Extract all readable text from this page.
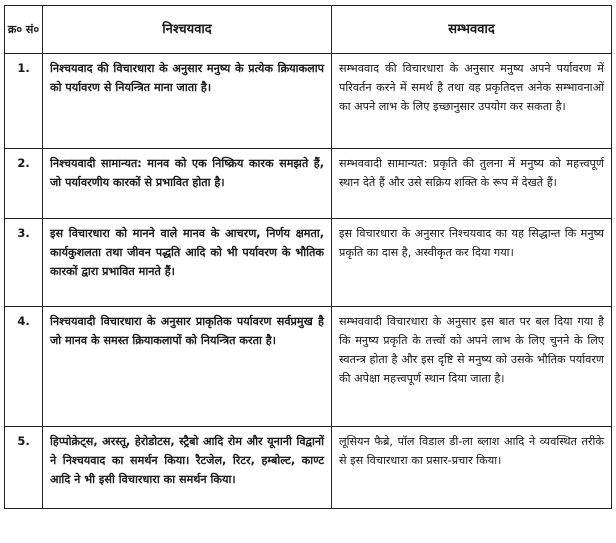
क्र० सं०	निश्चयवाद	सम्भववाद
1.	निश्चयवाद की विचारधारा के अनुसार मनुष्य के प्रत्येक क्रियाकलाप को पर्यावरण से नियन्त्रित माना जाता है।	सम्भववाद की विचारधारा के अनुसार मनुष्य अपने पर्यावरण में परिवर्तन करने में समर्थ है तथा वह प्रकृतिदत्त अनेक सम्भावनाओं का अपने लाभ के लिए इच्छानुसार उपयोग कर सकता है।
2.	निश्चयवादी सामान्यत: मानव को एक निष्क्रिय कारक समझते हैं, जो पर्यावरणीय कारकों से प्रभावित होता है।	सम्भववादी सामान्यत: प्रकृति की तुलना में मनुष्य को महत्त्वपूर्ण स्थान देते हैं और उसे सक्रिय शक्ति के रूप में देखते हैं।
3.	इस विचारधारा को मानने वाले मानव के आचरण, निर्णय क्षमता, कार्यकुशलता तथा जीवन पद्धति आदि को भी पर्यावरण के भौतिक कारकों द्वारा प्रभावित मानते हैं।	इस विचारधारा के अनुसार निश्चयवाद का यह सिद्धान्त कि मनुष्य प्रकृति का दास है, अस्वीकृत कर दिया गया।
4.	निश्चयवादी विचारधारा के अनुसार प्राकृतिक पर्यावरण सर्वप्रमुख है जो मानव के समस्त क्रियाकलापों को नियन्त्रित करता है।	सम्भववादी विचारधारा के अनुसार इस बात पर बल दिया गया है कि मनुष्य प्रकृति के तत्त्वों को अपने लाभ के लिए चुनने के लिए स्वतन्त्र होता है और इस दृष्टि से मनुष्य को उसके भौतिक पर्यावरण की अपेक्षा महत्त्वपूर्ण स्थान दिया जाता है।
5.	हिप्पोक्रेट्स, अरस्तू, हेरोडोटस, स्ट्रैबो आदि रोम और यूनानी विद्वानों ने निश्चयवाद का समर्थन किया। रैटजेल, रिटर, हम्बोल्ट, काण्ट आदि ने भी इसी विचारधारा का समर्थन किया।	लूसियन फैब्रे, पॉल विडाल डी-ला ब्लाश आदि ने व्यवस्थित तरीके से इस विचारधारा का प्रसार-प्रचार किया।
